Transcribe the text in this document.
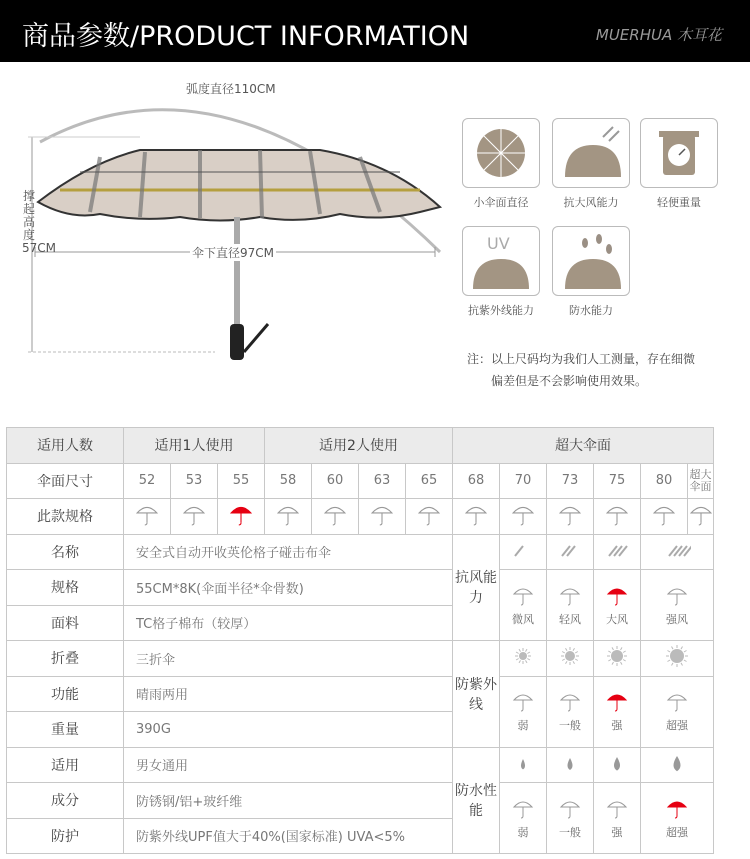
商品参数/PRODUCT INFORMATION	MUERHUA 木耳花
弧度直径110CM
撑起高度57CM	伞下直径97CM
小伞面直径	抗大风能力	轻便重量
UV
抗紫外线能力	防水能力
注：以上尺码均为我们人工测量，存在细微
偏差但是不会影响使用效果。
适用人数	适用1人使用			适用2人使用				超大伞面					
伞面尺寸	52	53	55	58	60	63	65	68	70	73	75	80	超大伞面
此款规格													
名称	安全式自动开收英伦格子碰击布伞							抗风能力				
规格	55CM*8K(伞面半径*伞骨数)								微风	轻风	大风	强风	

面料	TC格子棉布（较厚）												
折叠	三折伞							防紫外线				
功能	晴雨两用								弱	一般	强	超强	

重量	390G												
适用	男女通用							防水性能				
成分	防锈钢/铝+玻纤维								弱	一般	强	超强	

防护	防紫外线UPF值大于40%(国家标准) UVA<5%												
